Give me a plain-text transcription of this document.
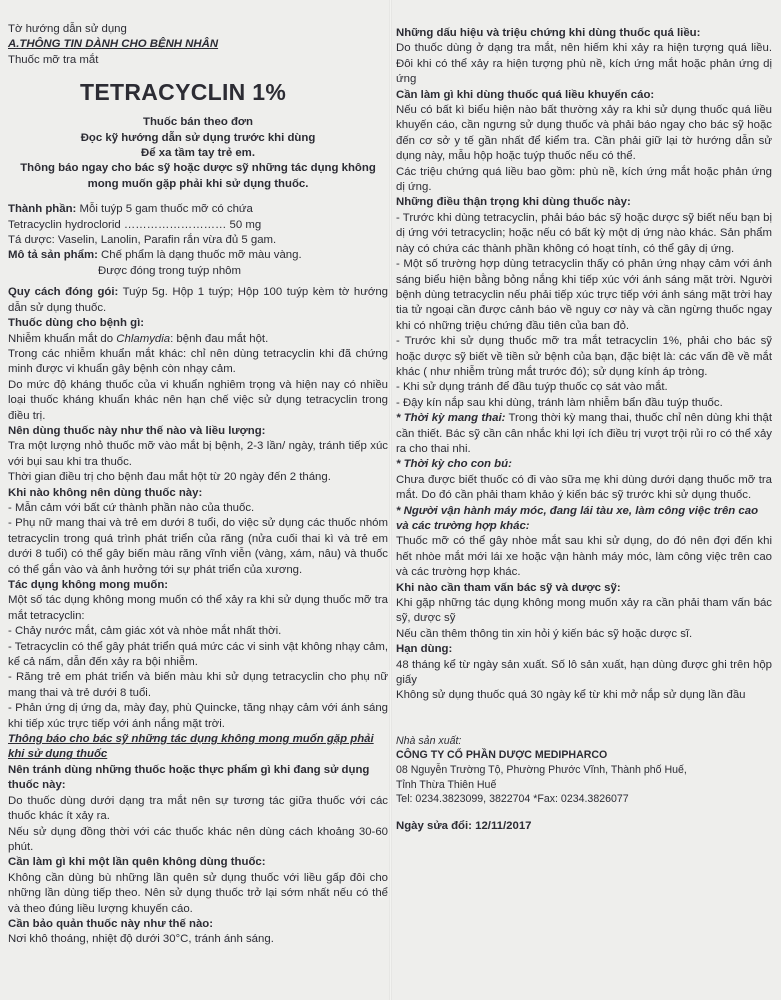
Tờ hướng dẫn sử dụng

A.THÔNG TIN DÀNH CHO BỆNH NHÂN

Thuốc mỡ tra mắt

TETRACYCLIN 1%

Thuốc bán theo đơn

Đọc kỹ hướng dẫn sử dụng trước khi dùng

Để xa tầm tay trẻ em.

Thông báo ngay cho bác sỹ hoặc dược sỹ những tác dụng không mong muốn gặp phải khi sử dụng thuốc.

Thành phần: Mỗi tuýp 5 gam thuốc mỡ có chứa

Tetracyclin hydroclorid ……………………… 50 mg

Tá dược: Vaselin, Lanolin, Parafin rắn vừa đủ 5 gam.

Mô tả sản phẩm: Chế phẩm là dạng thuốc mỡ màu vàng.

Được đóng trong tuýp nhôm

Quy cách đóng gói: Tuýp 5g. Hộp 1 tuýp; Hộp 100 tuýp kèm tờ hướng dẫn sử dụng thuốc.

Thuốc dùng cho bệnh gì:

Nhiễm khuẩn mắt do Chlamydia: bệnh đau mắt hột.

Trong các nhiễm khuẩn mắt khác: chỉ nên dùng tetracyclin khi đã chứng minh được vi khuẩn gây bệnh còn nhạy cảm.

Do mức độ kháng thuốc của vi khuẩn nghiêm trọng và hiện nay có nhiều loại thuốc kháng khuẩn khác nên hạn chế việc sử dụng tetracyclin trong điều trị.

Nên dùng thuốc này như thế nào và liều lượng:

Tra một lượng nhỏ thuốc mỡ vào mắt bị bệnh, 2-3 lần/ ngày, tránh tiếp xúc với bụi sau khi tra thuốc.

Thời gian điều trị cho bệnh đau mắt hột từ 20 ngày đến 2 tháng.

Khi nào không nên dùng thuốc này:

- Mẫn cảm với bất cứ thành phần nào của thuốc.

- Phụ nữ mang thai và trẻ em dưới 8 tuổi, do việc sử dụng các thuốc nhóm tetracyclin trong quá trình phát triển của răng (nửa cuối thai kì và trẻ em dưới 8 tuổi) có thể gây biến màu răng vĩnh viễn (vàng, xám, nâu) và thuốc có thể gắn vào và ảnh hưởng tới sự phát triển của xương.

Tác dụng không mong muốn:

Một số tác dụng không mong muốn có thể xảy ra khi sử dụng thuốc mỡ tra mắt tetracyclin:

- Chảy nước mắt, cảm giác xót và nhòe mắt nhất thời.

- Tetracyclin có thể gây phát triển quá mức các vi sinh vật không nhạy cảm, kể cả nấm, dẫn đến xảy ra bội nhiễm.

- Răng trẻ em phát triển và biến màu khi sử dụng tetracyclin cho phụ nữ mang thai và trẻ dưới 8 tuổi.

- Phản ứng dị ứng da, mày đay, phù Quincke, tăng nhạy cảm với ánh sáng khi tiếp xúc trực tiếp với ánh nắng mặt trời.

Thông báo cho bác sỹ những tác dụng không mong muốn gặp phải khi sử dụng thuốc

Nên tránh dùng những thuốc hoặc thực phẩm gì khi đang sử dụng thuốc này:

Do thuốc dùng dưới dạng tra mắt nên sự tương tác giữa thuốc với các thuốc khác ít xảy ra.

Nếu sử dụng đồng thời với các thuốc khác nên dùng cách khoảng 30-60 phút.

Cần làm gì khi một lần quên không dùng thuốc:

Không cần dùng bù những lần quên sử dụng thuốc với liều gấp đôi cho những lần dùng tiếp theo. Nên sử dụng thuốc trở lại sớm nhất nếu có thể và theo đúng liều lượng khuyến cáo.

Cần bảo quản thuốc này như thế nào:

Nơi khô thoáng, nhiệt độ dưới 30°C, tránh ánh sáng.

Những dấu hiệu và triệu chứng khi dùng thuốc quá liều:

Do thuốc dùng ở dạng tra mắt, nên hiếm khi xảy ra hiện tượng quá liều. Đôi khi có thể xảy ra hiện tượng phù nề, kích ứng mắt hoặc phản ứng dị ứng

Cần làm gì khi dùng thuốc quá liều khuyến cáo:

Nếu có bất kì biểu hiện nào bất thường xảy ra khi sử dụng thuốc quá liều khuyến cáo, cần ngưng sử dụng thuốc và phải báo ngay cho bác sỹ hoặc đến cơ sở y tế gần nhất để kiểm tra. Cần phải giữ lại tờ hướng dẫn sử dụng này, mẫu hộp hoặc tuýp thuốc nếu có thể.

Các triệu chứng quá liều bao gồm: phù nề, kích ứng mắt hoặc phản ứng dị ứng.

Những điều thận trọng khi dùng thuốc này:

- Trước khi dùng tetracyclin, phải báo bác sỹ hoặc dược sỹ biết nếu bạn bị dị ứng với tetracyclin; hoặc nếu có bất kỳ một dị ứng nào khác. Sản phẩm này có chứa các thành phần không có hoạt tính, có thể gây dị ứng.

- Một số trường hợp dùng tetracyclin thấy có phản ứng nhạy cảm với ánh sáng biểu hiện bằng bỏng nắng khi tiếp xúc với ánh sáng mặt trời. Người bệnh dùng tetracyclin nếu phải tiếp xúc trực tiếp với ánh sáng mặt trời hay tia tử ngoại cần được cảnh báo về nguy cơ này và cần ngừng thuốc ngay khi có những triệu chứng đầu tiên của ban đỏ.

- Trước khi sử dụng thuốc mỡ tra mắt tetracyclin 1%, phải cho bác sỹ hoặc dược sỹ biết về tiền sử bệnh của bạn, đặc biệt là: các vấn đề về mắt khác ( như nhiễm trùng mắt trước đó); sử dụng kính áp tròng.

- Khi sử dụng tránh để đầu tuýp thuốc cọ sát vào mắt.

- Đậy kín nắp sau khi dùng, tránh làm nhiễm bẩn đầu tuýp thuốc.

* Thời kỳ mang thai: Trong thời kỳ mang thai, thuốc chỉ nên dùng khi thật cần thiết. Bác sỹ cần cân nhắc khi lợi ích điều trị vượt trội rủi ro có thể xảy ra cho thai nhi.

* Thời kỳ cho con bú:

Chưa được biết thuốc có đi vào sữa mẹ khi dùng dưới dạng thuốc mỡ tra mắt. Do đó cần phải tham khảo ý kiến bác sỹ trước khi sử dụng thuốc.

* Người vận hành máy móc, đang lái tàu xe, làm công việc trên cao và các trường hợp khác:

Thuốc mỡ có thể gây nhòe mắt sau khi sử dụng, do đó nên đợi đến khi hết nhòe mắt mới lái xe hoặc vận hành máy móc, làm công việc trên cao và các trường hợp khác.

Khi nào cần tham vấn bác sỹ và dược sỹ:

Khi gặp những tác dụng không mong muốn xảy ra cần phải tham vấn bác sỹ, dược sỹ

Nếu cần thêm thông tin xin hỏi ý kiến bác sỹ hoặc dược sĩ.

Hạn dùng:

48 tháng kể từ ngày sản xuất. Số lô sản xuất, hạn dùng được ghi trên hộp giấy

Không sử dụng thuốc quá 30 ngày kể từ khi mở nắp sử dụng lần đầu

Nhà sản xuất:

CÔNG TY CỔ PHẦN DƯỢC MEDIPHARCO

08 Nguyễn Trường Tộ, Phường Phước Vĩnh, Thành phố Huế,

Tỉnh Thừa Thiên Huế

Tel: 0234.3823099, 3822704 *Fax: 0234.3826077

Ngày sửa đổi: 12/11/2017
